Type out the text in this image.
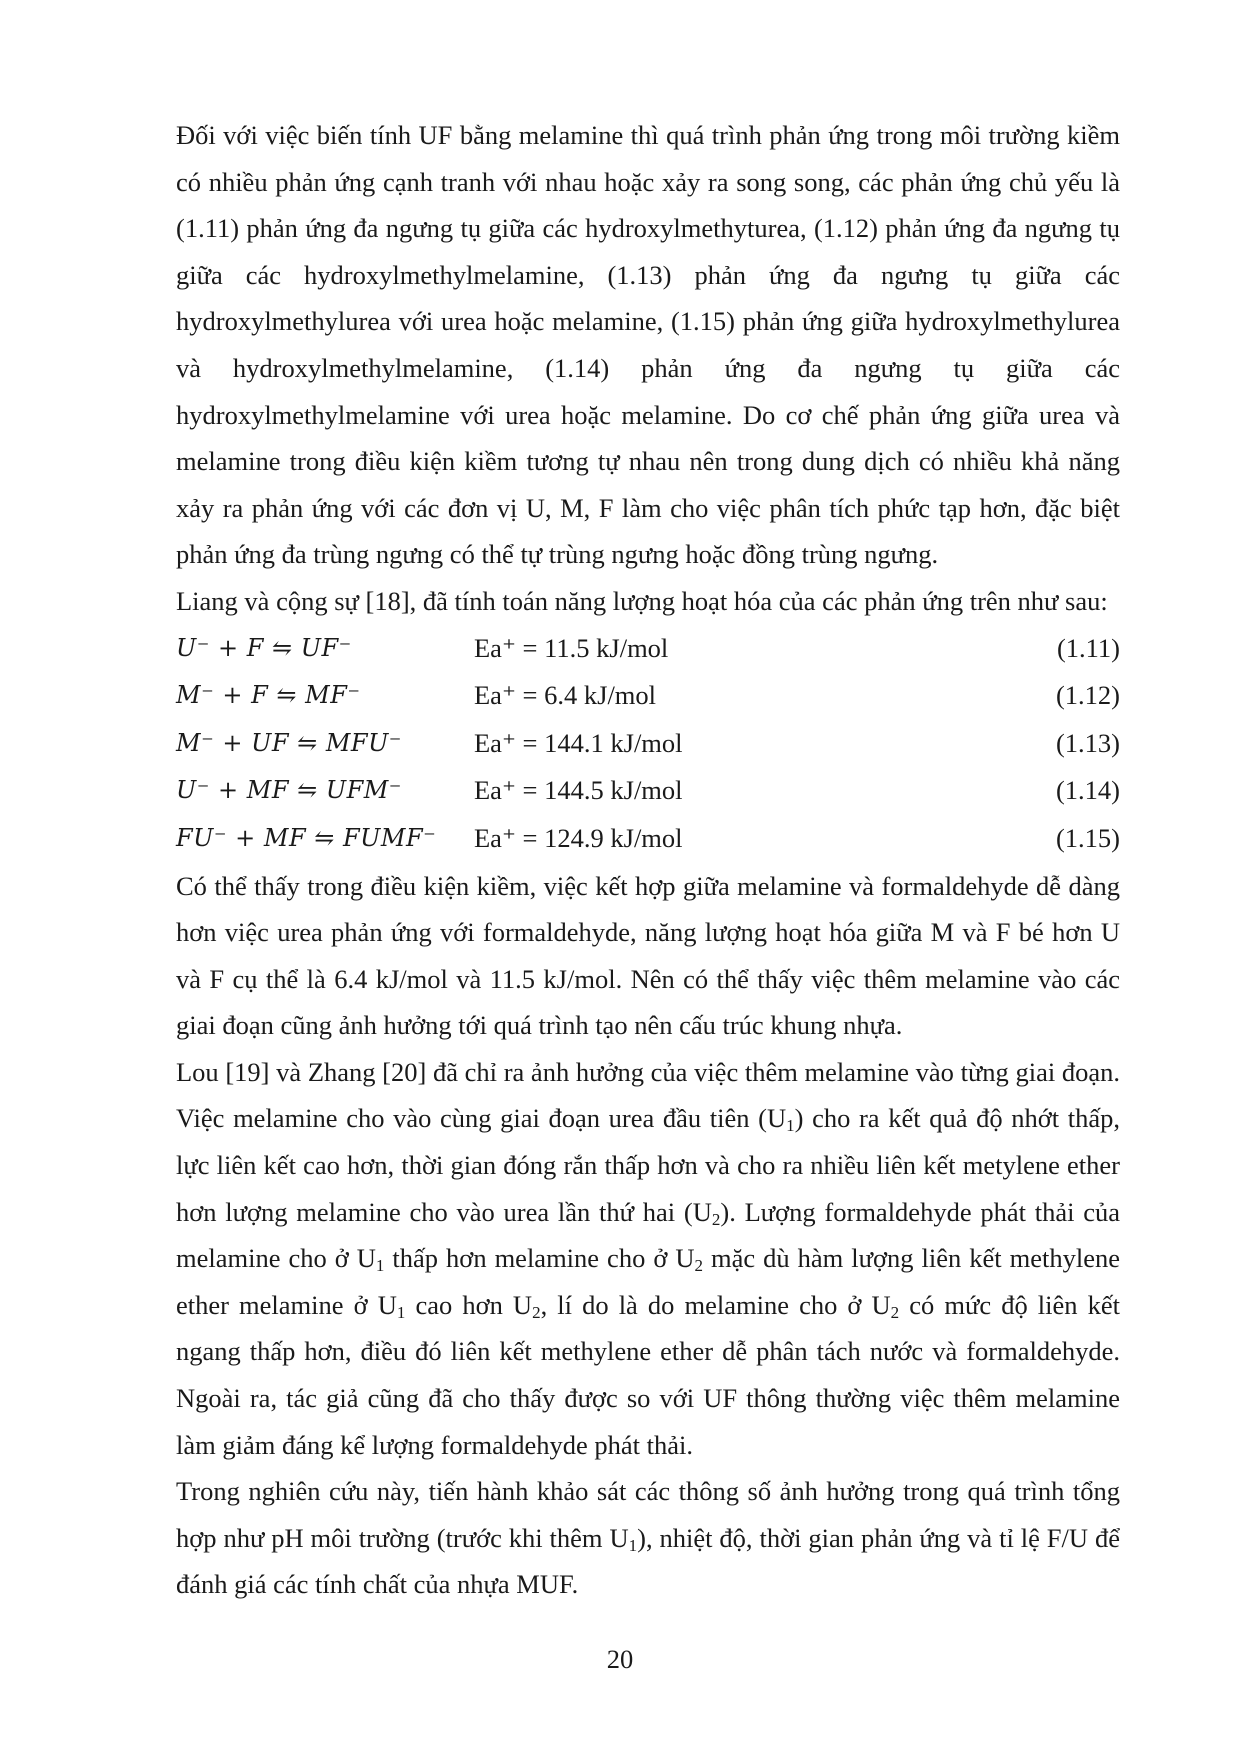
Đối với việc biến tính UF bằng melamine thì quá trình phản ứng trong môi trường kiềm có nhiều phản ứng cạnh tranh với nhau hoặc xảy ra song song, các phản ứng chủ yếu là (1.11) phản ứng đa ngưng tụ giữa các hydroxylmethyturea, (1.12) phản ứng đa ngưng tụ giữa các hydroxylmethylmelamine, (1.13) phản ứng đa ngưng tụ giữa các hydroxylmethylurea với urea hoặc melamine, (1.15) phản ứng giữa hydroxylmethylurea và hydroxylmethylmelamine, (1.14) phản ứng đa ngưng tụ giữa các hydroxylmethylmelamine với urea hoặc melamine. Do cơ chế phản ứng giữa urea và melamine trong điều kiện kiềm tương tự nhau nên trong dung dịch có nhiều khả năng xảy ra phản ứng với các đơn vị U, M, F làm cho việc phân tích phức tạp hơn, đặc biệt phản ứng đa trùng ngưng có thể tự trùng ngưng hoặc đồng trùng ngưng.

Liang và cộng sự [18], đã tính toán năng lượng hoạt hóa của các phản ứng trên như sau:

U⁻ + F ⇋ UF⁻	Ea⁺ = 11.5 kJ/mol	(1.11)
M⁻ + F ⇋ MF⁻	Ea⁺ = 6.4 kJ/mol	(1.12)
M⁻ + UF ⇋ MFU⁻	Ea⁺ = 144.1 kJ/mol	(1.13)
U⁻ + MF ⇋ UFM⁻	Ea⁺ = 144.5 kJ/mol	(1.14)
FU⁻ + MF ⇋ FUMF⁻ Ea⁺ = 124.9 kJ/mol	(1.15)

Có thể thấy trong điều kiện kiềm, việc kết hợp giữa melamine và formaldehyde dễ dàng hơn việc urea phản ứng với formaldehyde, năng lượng hoạt hóa giữa M và F bé hơn U và F cụ thể là 6.4 kJ/mol và 11.5 kJ/mol. Nên có thể thấy việc thêm melamine vào các giai đoạn cũng ảnh hưởng tới quá trình tạo nên cấu trúc khung nhựa.

Lou [19] và Zhang [20] đã chỉ ra ảnh hưởng của việc thêm melamine vào từng giai đoạn. Việc melamine cho vào cùng giai đoạn urea đầu tiên $(U_1)$ cho ra kết quả độ nhớt thấp, lực liên kết cao hơn, thời gian đóng rắn thấp hơn và cho ra nhiều liên kết metylene ether hơn lượng melamine cho vào urea lần thứ hai $(U_2)$. Lượng formaldehyde phát thải của melamine cho ở $U_1$ thấp hơn melamine cho ở $U_2$ mặc dù hàm lượng liên kết methylene ether melamine ở $U_1$ cao hơn $U_2$, lí do là do melamine cho ở $U_2$ có mức độ liên kết ngang thấp hơn, điều đó liên kết methylene ether dễ phân tách nước và formaldehyde. Ngoài ra, tác giả cũng đã cho thấy được so với UF thông thường việc thêm melamine làm giảm đáng kể lượng formaldehyde phát thải.

Trong nghiên cứu này, tiến hành khảo sát các thông số ảnh hưởng trong quá trình tổng hợp như pH môi trường (trước khi thêm $U_1$), nhiệt độ, thời gian phản ứng và tỉ lệ F/U để đánh giá các tính chất của nhựa MUF.

20
